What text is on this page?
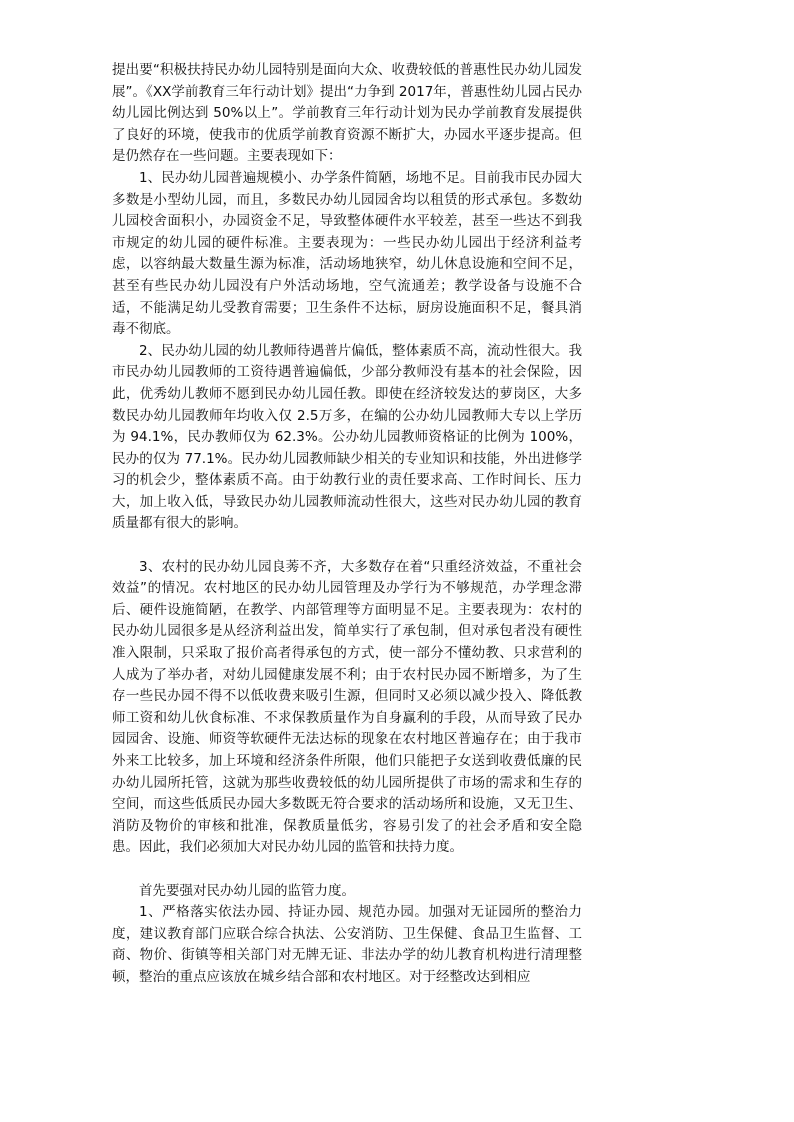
提出要“积极扶持民办幼儿园特别是面向大众、收费较低的普惠性民办幼儿园发展”。《XX学前教育三年行动计划》提出“力争到 2017年，普惠性幼儿园占民办幼儿园比例达到 50%以上”。学前教育三年行动计划为民办学前教育发展提供了良好的环境，使我市的优质学前教育资源不断扩大，办园水平逐步提高。但是仍然存在一些问题。主要表现如下：

1、民办幼儿园普遍规模小、办学条件简陋，场地不足。目前我市民办园大多数是小型幼儿园，而且，多数民办幼儿园园舍均以租赁的形式承包。多数幼儿园校舍面积小，办园资金不足，导致整体硬件水平较差，甚至一些达不到我市规定的幼儿园的硬件标准。主要表现为：一些民办幼儿园出于经济利益考虑，以容纳最大数量生源为标准，活动场地狭窄，幼儿休息设施和空间不足，甚至有些民办幼儿园没有户外活动场地，空气流通差；教学设备与设施不合适，不能满足幼儿受教育需要；卫生条件不达标，厨房设施面积不足，餐具消毒不彻底。

2、民办幼儿园的幼儿教师待遇普片偏低，整体素质不高，流动性很大。我市民办幼儿园教师的工资待遇普遍偏低，少部分教师没有基本的社会保险，因此，优秀幼儿教师不愿到民办幼儿园任教。即使在经济较发达的萝岗区，大多数民办幼儿园教师年均收入仅 2.5万多，在编的公办幼儿园教师大专以上学历为 94.1%，民办教师仅为 62.3%。公办幼儿园教师资格证的比例为 100%，民办的仅为 77.1%。民办幼儿园教师缺少相关的专业知识和技能，外出进修学习的机会少，整体素质不高。由于幼教行业的责任要求高、工作时间长、压力大，加上收入低，导致民办幼儿园教师流动性很大，这些对民办幼儿园的教育质量都有很大的影响。

3、农村的民办幼儿园良莠不齐，大多数存在着“只重经济效益，不重社会效益”的情况。农村地区的民办幼儿园管理及办学行为不够规范，办学理念滞后、硬件设施简陋，在教学、内部管理等方面明显不足。主要表现为：农村的民办幼儿园很多是从经济利益出发，简单实行了承包制，但对承包者没有硬性准入限制，只采取了报价高者得承包的方式，使一部分不懂幼教、只求营利的人成为了举办者，对幼儿园健康发展不利；由于农村民办园不断增多，为了生存一些民办园不得不以低收费来吸引生源，但同时又必须以减少投入、降低教师工资和幼儿伙食标准、不求保教质量作为自身赢利的手段，从而导致了民办园园舍、设施、师资等软硬件无法达标的现象在农村地区普遍存在；由于我市外来工比较多，加上环境和经济条件所限，他们只能把子女送到收费低廉的民办幼儿园所托管，这就为那些收费较低的幼儿园所提供了市场的需求和生存的空间，而这些低质民办园大多数既无符合要求的活动场所和设施，又无卫生、消防及物价的审核和批准，保教质量低劣，容易引发了的社会矛盾和安全隐患。因此，我们必须加大对民办幼儿园的监管和扶持力度。

首先要强对民办幼儿园的监管力度。

1、严格落实依法办园、持证办园、规范办园。加强对无证园所的整治力度，建议教育部门应联合综合执法、公安消防、卫生保健、食品卫生监督、工商、物价、街镇等相关部门对无牌无证、非法办学的幼儿教育机构进行清理整顿，整治的重点应该放在城乡结合部和农村地区。对于经整改达到相应
